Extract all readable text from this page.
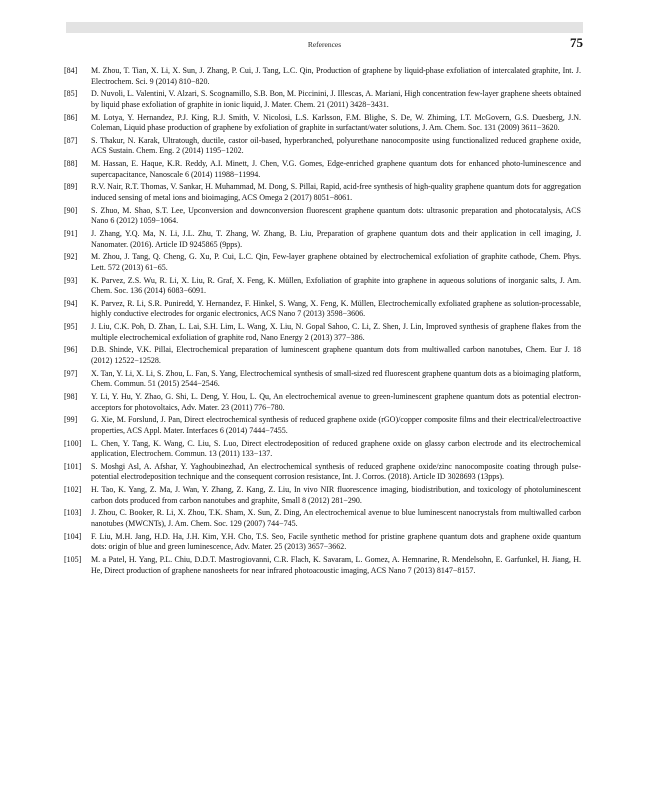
References	75
[84]	M. Zhou, T. Tian, X. Li, X. Sun, J. Zhang, P. Cui, J. Tang, L.C. Qin, Production of graphene by liquid-phase exfoliation of intercalated graphite, Int. J. Electrochem. Sci. 9 (2014) 810−820.
[85]	D. Nuvoli, L. Valentini, V. Alzari, S. Scognamillo, S.B. Bon, M. Piccinini, J. Illescas, A. Mariani, High concentration few-layer graphene sheets obtained by liquid phase exfoliation of graphite in ionic liquid, J. Mater. Chem. 21 (2011) 3428−3431.
[86]	M. Lotya, Y. Hernandez, P.J. King, R.J. Smith, V. Nicolosi, L.S. Karlsson, F.M. Blighe, S. De, W. Zhiming, I.T. McGovern, G.S. Duesberg, J.N. Coleman, Liquid phase production of graphene by exfoliation of graphite in surfactant/water solutions, J. Am. Chem. Soc. 131 (2009) 3611−3620.
[87]	S. Thakur, N. Karak, Ultratough, ductile, castor oil-based, hyperbranched, polyurethane nanocomposite using functionalized reduced graphene oxide, ACS Sustain. Chem. Eng. 2 (2014) 1195−1202.
[88]	M. Hassan, E. Haque, K.R. Reddy, A.I. Minett, J. Chen, V.G. Gomes, Edge-enriched graphene quantum dots for enhanced photo-luminescence and supercapacitance, Nanoscale 6 (2014) 11988−11994.
[89]	R.V. Nair, R.T. Thomas, V. Sankar, H. Muhammad, M. Dong, S. Pillai, Rapid, acid-free synthesis of high-quality graphene quantum dots for aggregation induced sensing of metal ions and bioimaging, ACS Omega 2 (2017) 8051−8061.
[90]	S. Zhuo, M. Shao, S.T. Lee, Upconversion and downconversion fluorescent graphene quantum dots: ultrasonic preparation and photocatalysis, ACS Nano 6 (2012) 1059−1064.
[91]	J. Zhang, Y.Q. Ma, N. Li, J.L. Zhu, T. Zhang, W. Zhang, B. Liu, Preparation of graphene quantum dots and their application in cell imaging, J. Nanomater. (2016). Article ID 9245865 (9pps).
[92]	M. Zhou, J. Tang, Q. Cheng, G. Xu, P. Cui, L.C. Qin, Few-layer graphene obtained by electrochemical exfoliation of graphite cathode, Chem. Phys. Lett. 572 (2013) 61−65.
[93]	K. Parvez, Z.S. Wu, R. Li, X. Liu, R. Graf, X. Feng, K. Müllen, Exfoliation of graphite into graphene in aqueous solutions of inorganic salts, J. Am. Chem. Soc. 136 (2014) 6083−6091.
[94]	K. Parvez, R. Li, S.R. Puniredd, Y. Hernandez, F. Hinkel, S. Wang, X. Feng, K. Müllen, Electrochemically exfoliated graphene as solution-processable, highly conductive electrodes for organic electronics, ACS Nano 7 (2013) 3598−3606.
[95]	J. Liu, C.K. Poh, D. Zhan, L. Lai, S.H. Lim, L. Wang, X. Liu, N. Gopal Sahoo, C. Li, Z. Shen, J. Lin, Improved synthesis of graphene flakes from the multiple electrochemical exfoliation of graphite rod, Nano Energy 2 (2013) 377−386.
[96]	D.B. Shinde, V.K. Pillai, Electrochemical preparation of luminescent graphene quantum dots from multiwalled carbon nanotubes, Chem. Eur J. 18 (2012) 12522−12528.
[97]	X. Tan, Y. Li, X. Li, S. Zhou, L. Fan, S. Yang, Electrochemical synthesis of small-sized red fluorescent graphene quantum dots as a bioimaging platform, Chem. Commun. 51 (2015) 2544−2546.
[98]	Y. Li, Y. Hu, Y. Zhao, G. Shi, L. Deng, Y. Hou, L. Qu, An electrochemical avenue to green-luminescent graphene quantum dots as potential electron-acceptors for photovoltaics, Adv. Mater. 23 (2011) 776−780.
[99]	G. Xie, M. Forslund, J. Pan, Direct electrochemical synthesis of reduced graphene oxide (rGO)/copper composite films and their electrical/electroactive properties, ACS Appl. Mater. Interfaces 6 (2014) 7444−7455.
[100]	L. Chen, Y. Tang, K. Wang, C. Liu, S. Luo, Direct electrodeposition of reduced graphene oxide on glassy carbon electrode and its electrochemical application, Electrochem. Commun. 13 (2011) 133−137.
[101]	S. Moshgi Asl, A. Afshar, Y. Yaghoubinezhad, An electrochemical synthesis of reduced graphene oxide/zinc nanocomposite coating through pulse-potential electrodeposition technique and the consequent corrosion resistance, Int. J. Corros. (2018). Article ID 3028693 (13pps).
[102]	H. Tao, K. Yang, Z. Ma, J. Wan, Y. Zhang, Z. Kang, Z. Liu, In vivo NIR fluorescence imaging, biodistribution, and toxicology of photoluminescent carbon dots produced from carbon nanotubes and graphite, Small 8 (2012) 281−290.
[103]	J. Zhou, C. Booker, R. Li, X. Zhou, T.K. Sham, X. Sun, Z. Ding, An electrochemical avenue to blue luminescent nanocrystals from multiwalled carbon nanotubes (MWCNTs), J. Am. Chem. Soc. 129 (2007) 744−745.
[104]	F. Liu, M.H. Jang, H.D. Ha, J.H. Kim, Y.H. Cho, T.S. Seo, Facile synthetic method for pristine graphene quantum dots and graphene oxide quantum dots: origin of blue and green luminescence, Adv. Mater. 25 (2013) 3657−3662.
[105]	M. a Patel, H. Yang, P.L. Chiu, D.D.T. Mastrogiovanni, C.R. Flach, K. Savaram, L. Gomez, A. Hemnarine, R. Mendelsohn, E. Garfunkel, H. Jiang, H. He, Direct production of graphene nanosheets for near infrared photoacoustic imaging, ACS Nano 7 (2013) 8147−8157.
